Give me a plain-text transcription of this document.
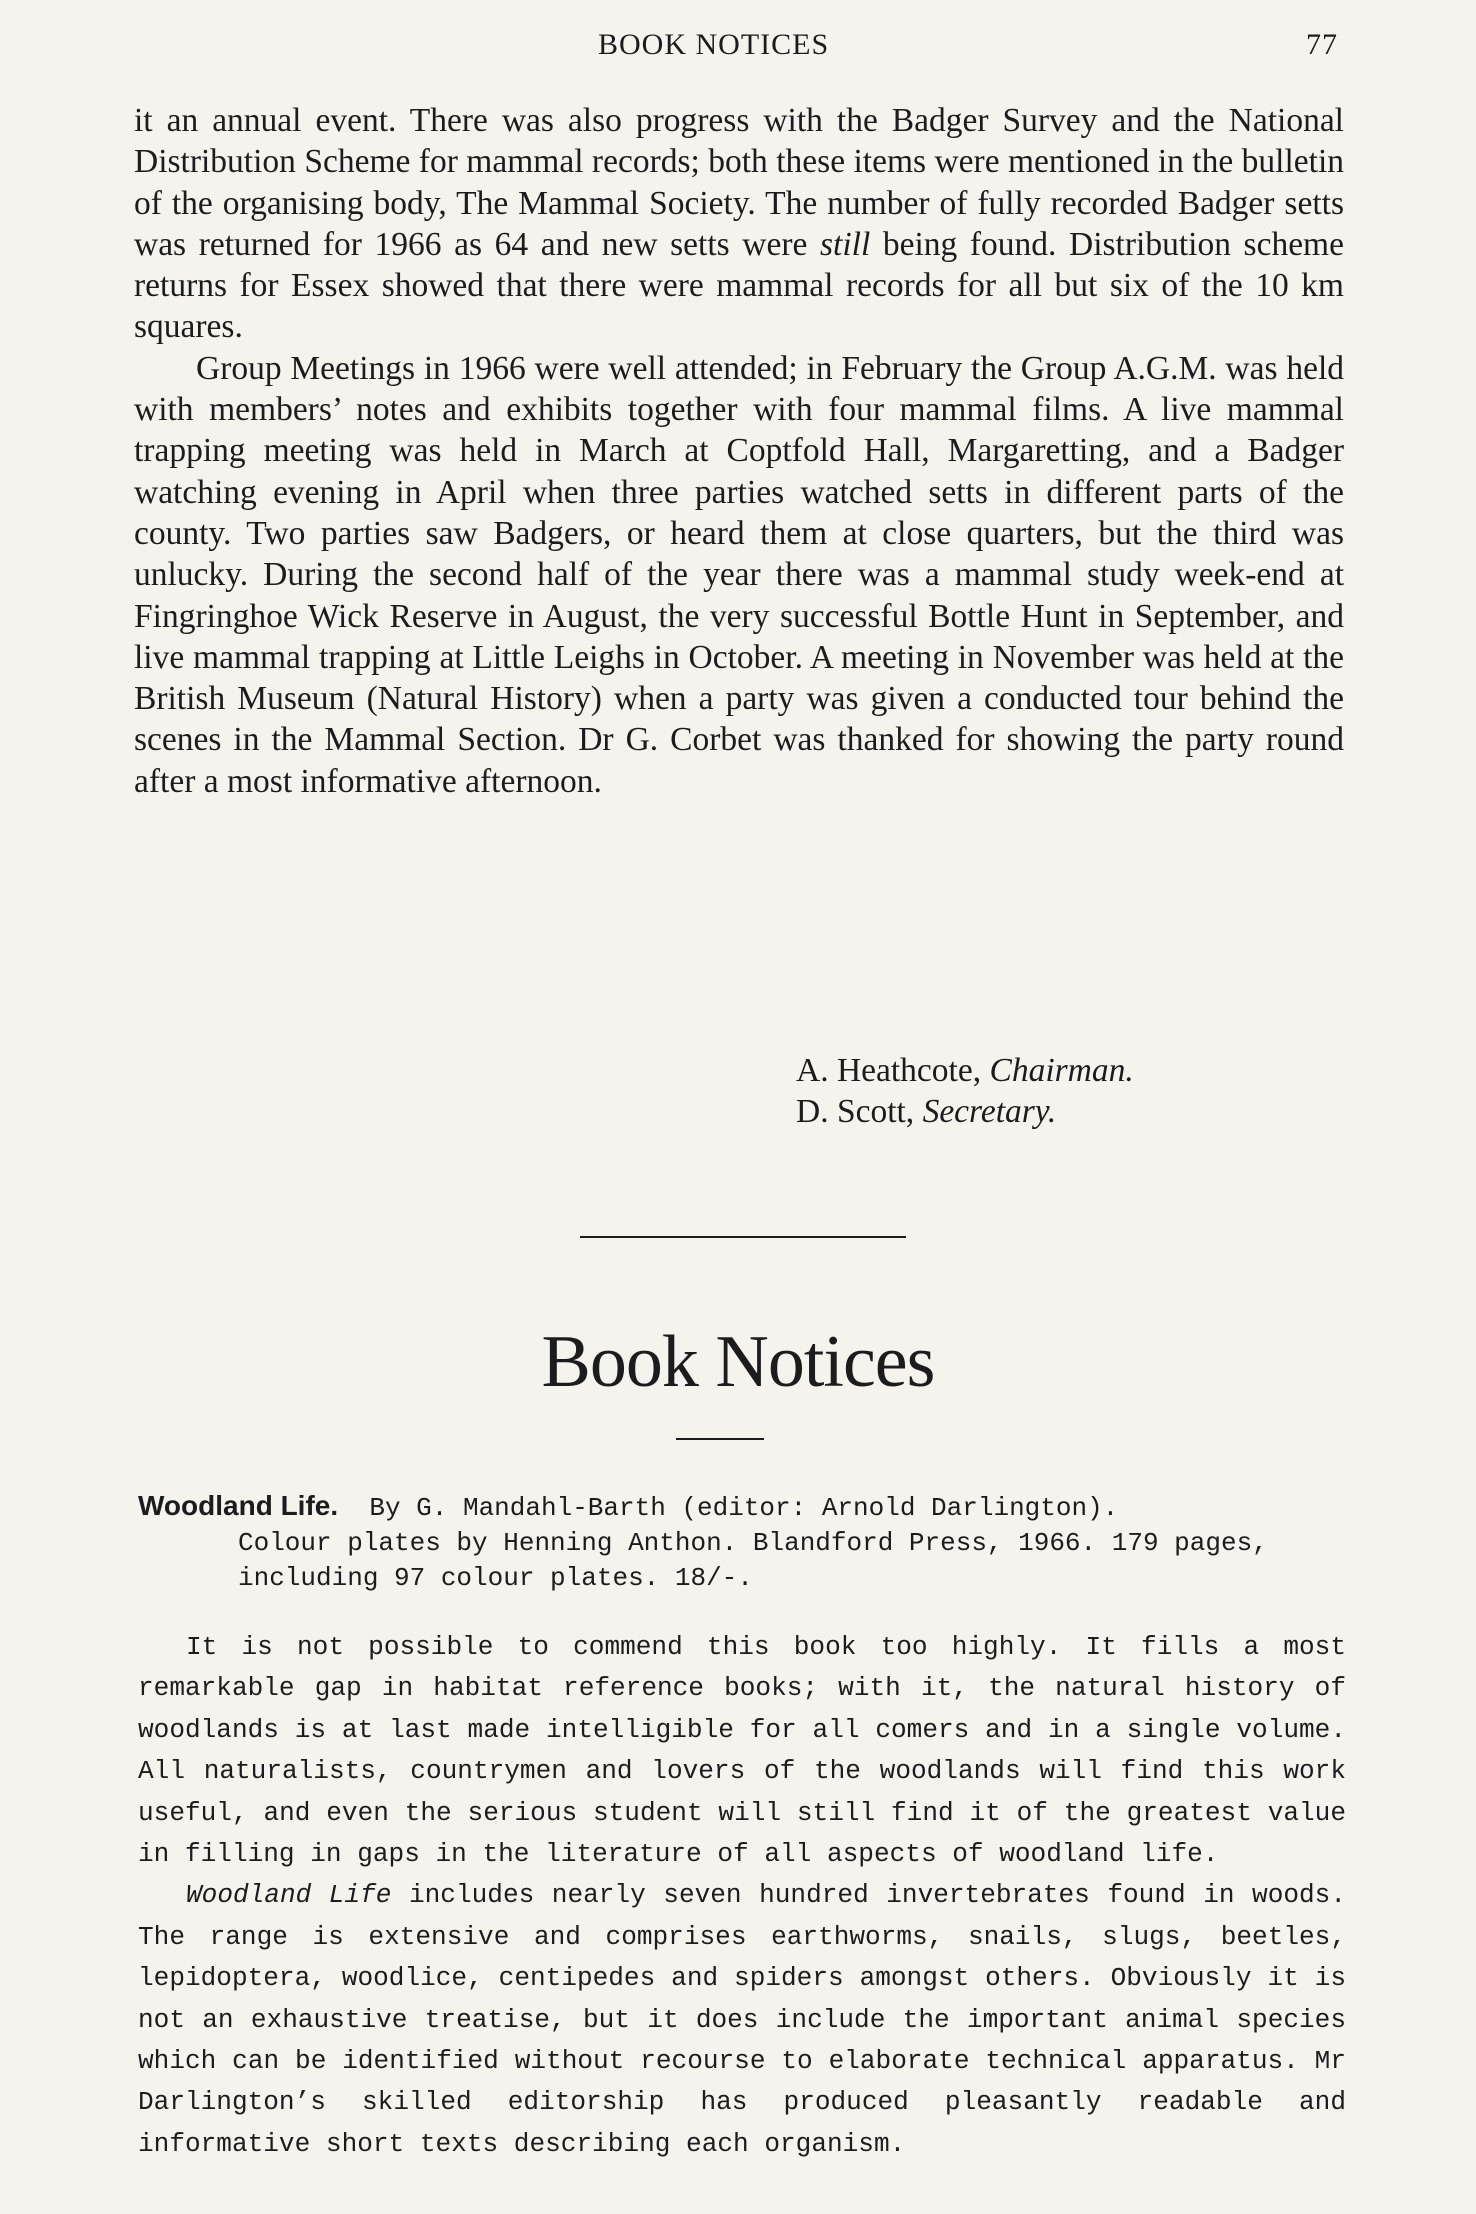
BOOK NOTICES	77

it an annual event. There was also progress with the Badger Survey and the National Distribution Scheme for mammal records; both these items were mentioned in the bulletin of the organising body, The Mammal Society. The number of fully recorded Badger setts was returned for 1966 as 64 and new setts were still being found. Distribution scheme returns for Essex showed that there were mammal records for all but six of the 10 km squares.

Group Meetings in 1966 were well attended; in February the Group A.G.M. was held with members’ notes and exhibits together with four mammal films. A live mammal trapping meeting was held in March at Coptfold Hall, Margaretting, and a Badger watching evening in April when three parties watched setts in different parts of the county. Two parties saw Badgers, or heard them at close quarters, but the third was unlucky. During the second half of the year there was a mammal study week-end at Fingringhoe Wick Reserve in August, the very successful Bottle Hunt in September, and live mammal trapping at Little Leighs in October. A meeting in November was held at the British Museum (Natural History) when a party was given a conducted tour behind the scenes in the Mammal Section. Dr G. Corbet was thanked for showing the party round after a most informative afternoon.

A. Heathcote, Chairman.
D. Scott, Secretary.
Book Notices
Woodland Life. By G. Mandahl-Barth (editor: Arnold Darlington).
Colour plates by Henning Anthon. Blandford Press, 1966. 179 pages,
including 97 colour plates. 18/-.

It is not possible to commend this book too highly. It fills a most remarkable gap in habitat reference books; with it, the natural history of woodlands is at last made intelligible for all comers and in a single volume. All naturalists, countrymen and lovers of the woodlands will find this work useful, and even the serious student will still find it of the greatest value in filling in gaps in the literature of all aspects of woodland life.

Woodland Life includes nearly seven hundred invertebrates found in woods. The range is extensive and comprises earthworms, snails, slugs, beetles, lepidoptera, woodlice, centipedes and spiders amongst others. Obviously it is not an exhaustive treatise, but it does include the important animal species which can be identified without recourse to elaborate technical apparatus. Mr Darlington’s skilled editorship has produced pleasantly readable and informative short texts describing each organism.
